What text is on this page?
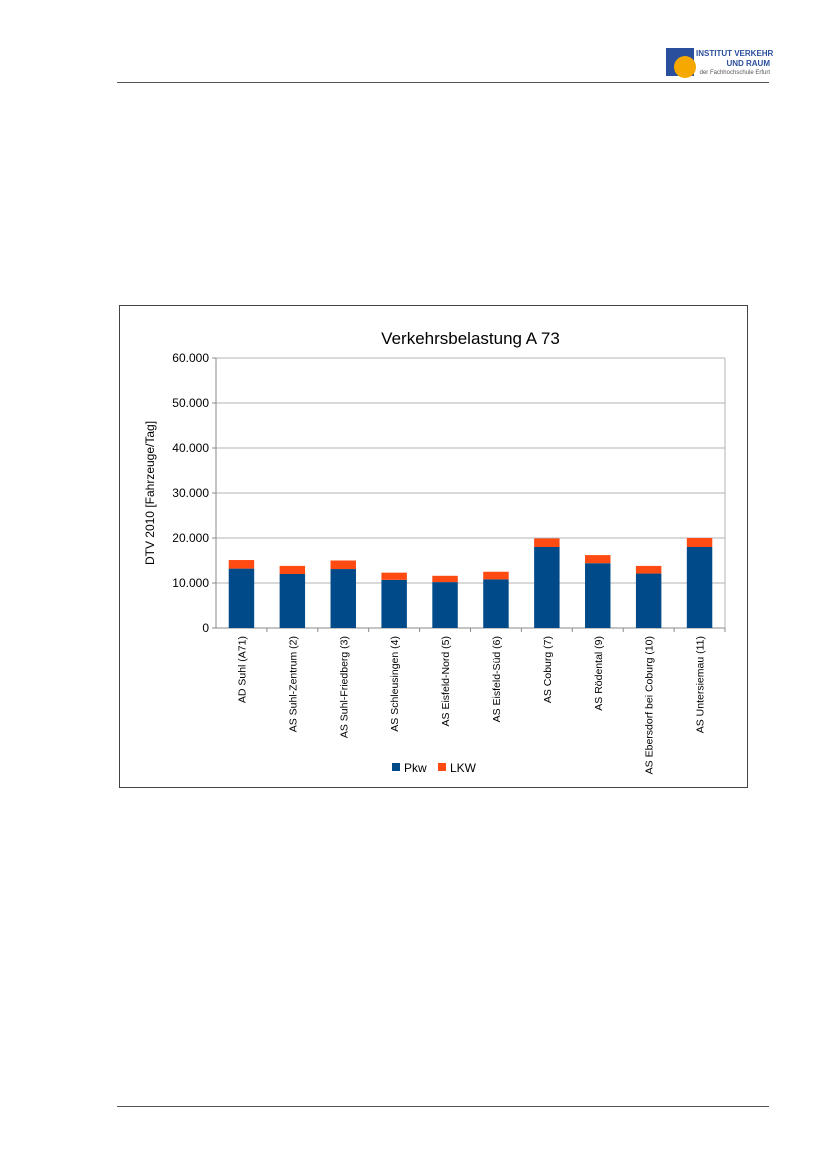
INSTITUT VERKEHR
UND RAUM
der Fachhochschule Erfurt
Verkehrsbelastung A 73
0
10.000
20.000
30.000
40.000
50.000
60.000
DTV 2010 [Fahrzeuge/Tag]
AD Suhl (A71)	AS Suhl-Zentrum (2)	AS Suhl-Friedberg (3)	AS Schleusingen (4)	AS Eisfeld-Nord (5)	AS Eisfeld-Süd (6)	AS Coburg (7)	AS Rödental (9)	AS Ebersdorf bei Coburg (10)	AS Untersiemau (11)
Pkw LKW
